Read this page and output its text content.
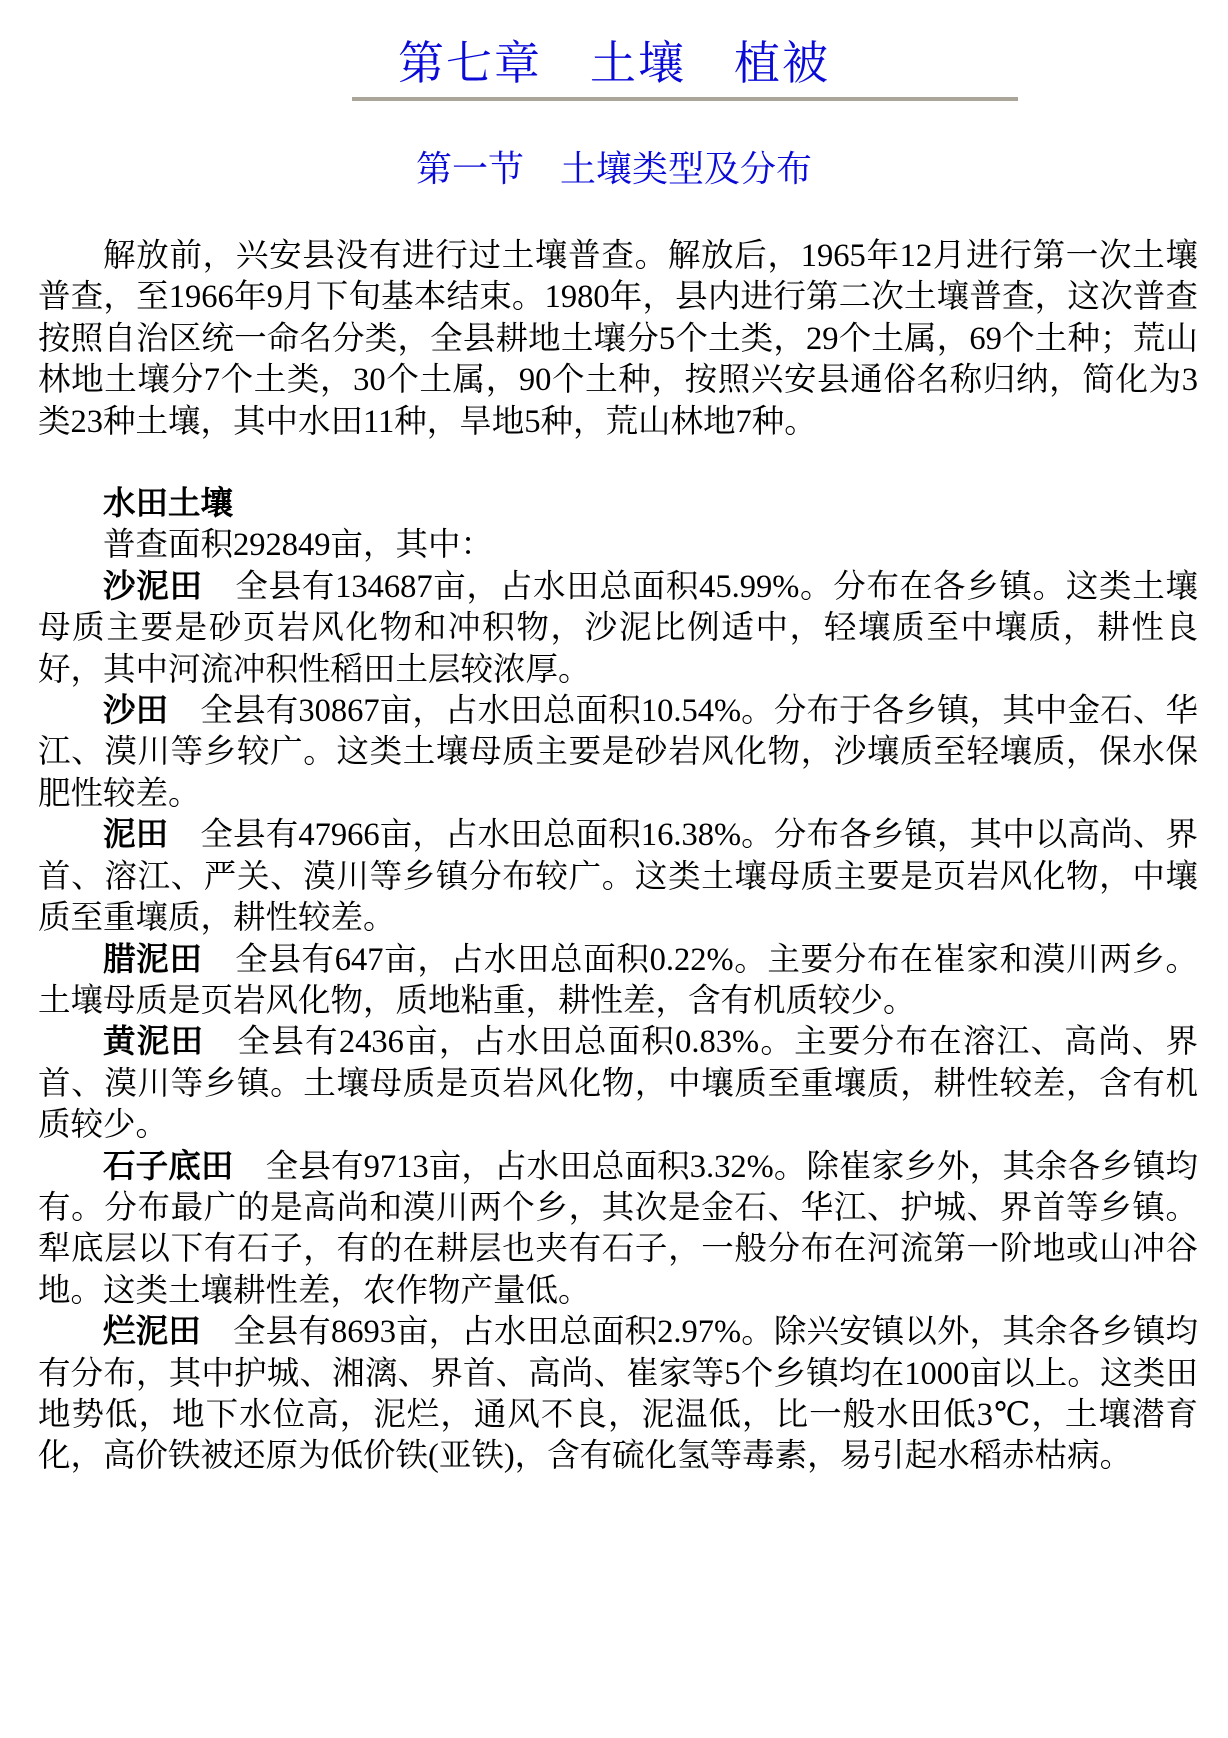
第七章　土壤　植被
第一节　土壤类型及分布

解放前，兴安县没有进行过土壤普查。解放后，1965年12月进行第一次土壤普查，至1966年9月下旬基本结束。1980年，县内进行第二次土壤普查，这次普查按照自治区统一命名分类，全县耕地土壤分5个土类，29个土属，69个土种；荒山林地土壤分7个土类，30个土属，90个土种，按照兴安县通俗名称归纳，简化为3类23种土壤，其中水田11种，旱地5种，荒山林地7种。

水田土壤

普查面积292849亩，其中：

沙泥田 全县有134687亩，占水田总面积45.99%。分布在各乡镇。这类土壤母质主要是砂页岩风化物和冲积物，沙泥比例适中，轻壤质至中壤质，耕性良好，其中河流冲积性稻田土层较浓厚。

沙田 全县有30867亩，占水田总面积10.54%。分布于各乡镇，其中金石、华江、漠川等乡较广。这类土壤母质主要是砂岩风化物，沙壤质至轻壤质，保水保肥性较差。

泥田 全县有47966亩，占水田总面积16.38%。分布各乡镇，其中以高尚、界首、溶江、严关、漠川等乡镇分布较广。这类土壤母质主要是页岩风化物，中壤质至重壤质，耕性较差。

腊泥田 全县有647亩，占水田总面积0.22%。主要分布在崔家和漠川两乡。土壤母质是页岩风化物，质地粘重，耕性差，含有机质较少。

黄泥田 全县有2436亩，占水田总面积0.83%。主要分布在溶江、高尚、界首、漠川等乡镇。土壤母质是页岩风化物，中壤质至重壤质，耕性较差，含有机质较少。

石子底田 全县有9713亩，占水田总面积3.32%。除崔家乡外，其余各乡镇均有。分布最广的是高尚和漠川两个乡，其次是金石、华江、护城、界首等乡镇。犁底层以下有石子，有的在耕层也夹有石子，一般分布在河流第一阶地或山冲谷地。这类土壤耕性差，农作物产量低。

烂泥田 全县有8693亩，占水田总面积2.97%。除兴安镇以外，其余各乡镇均有分布，其中护城、湘漓、界首、高尚、崔家等5个乡镇均在1000亩以上。这类田地势低，地下水位高，泥烂，通风不良，泥温低，比一般水田低3℃，土壤潜育化，高价铁被还原为低价铁(亚铁)，含有硫化氢等毒素，易引起水稻赤枯病。
